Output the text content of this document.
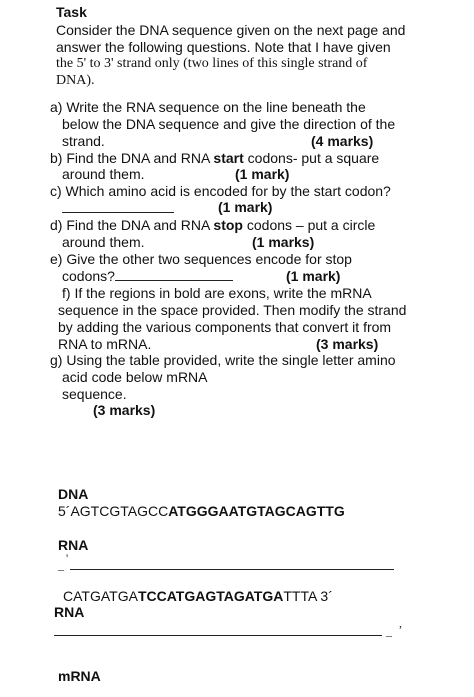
Task
Consider the DNA sequence given on the next page and
answer the following questions. Note that I have given
the 5' to 3' strand only (two lines of this single strand of
DNA).
a) Write the RNA sequence on the line beneath the
below the DNA sequence and give the direction of the
strand.	(4 marks)
b) Find the DNA and RNA start codons- put a square
around them.	(1 mark)
c) Which amino acid is encoded for by the start codon?
(1 mark)
d) Find the DNA and RNA stop codons – put a circle
around them.	(1 marks)
e) Give the other two sequences encode for stop
codons?	(1 mark)
f) If the regions in bold are exons, write the mRNA
sequence in the space provided. Then modify the strand
by adding the various components that convert it from
RNA to mRNA.	(3 marks)
g) Using the table provided, write the single letter amino
acid code below mRNA
sequence.
(3 marks)
DNA
5´AGTCGTAGCCATGGGAATGTAGCAGTTG
RNA
'
–
CATGATGATCCATGAGTAGATGATTTA 3´
RNA
–
,
mRNA
